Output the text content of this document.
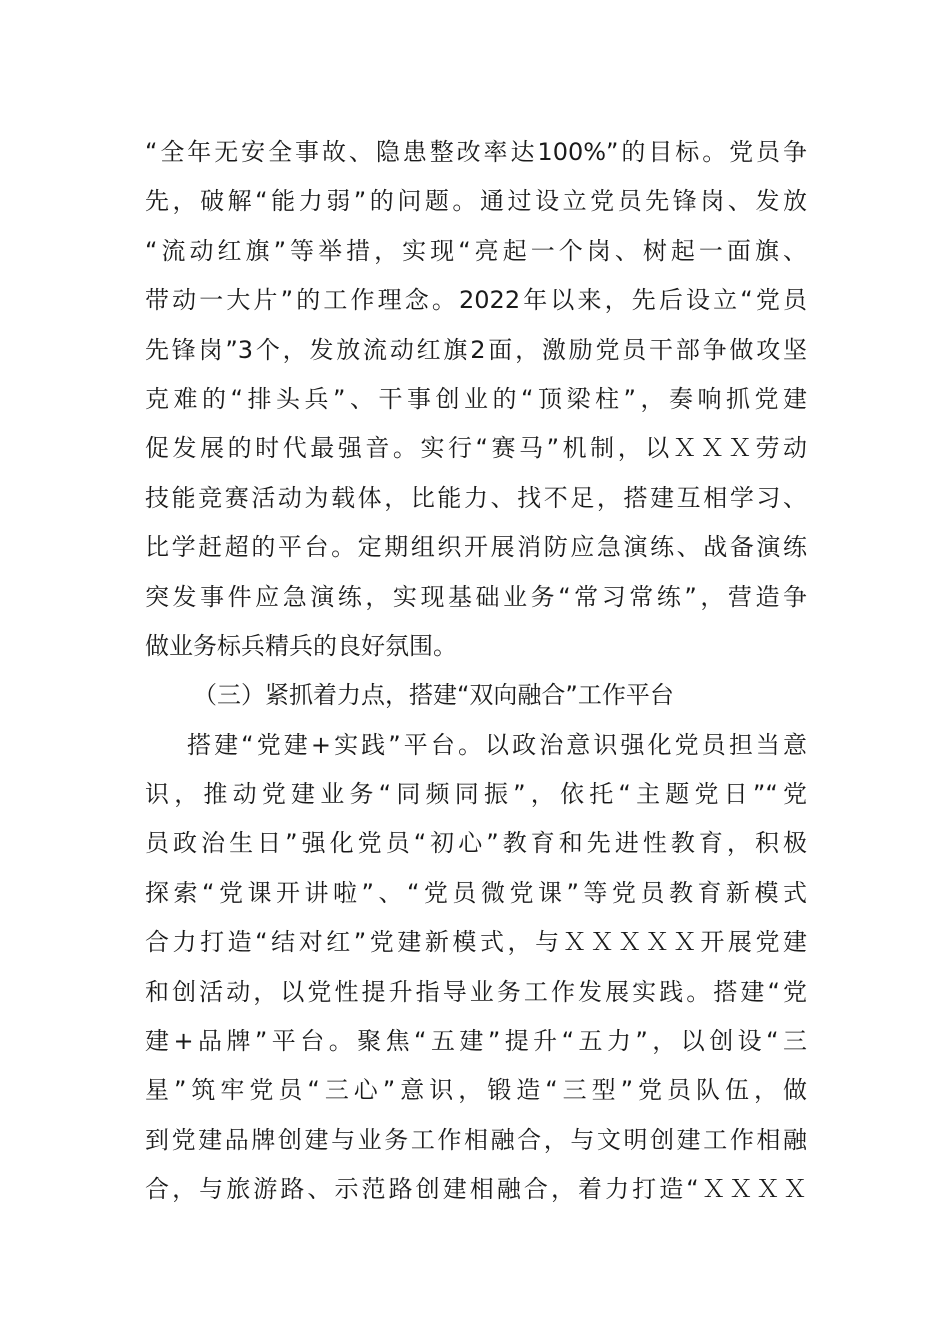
“全年无安全事故、隐患整改率达100%”的目标。党员争
先，破解“能力弱”的问题。通过设立党员先锋岗、发放
“流动红旗”等举措，实现“亮起一个岗、树起一面旗、
带动一大片”的工作理念。2022年以来，先后设立“党员
先锋岗”3个，发放流动红旗2面，激励党员干部争做攻坚
克难的“排头兵”、干事创业的“顶梁柱”，奏响抓党建
促发展的时代最强音。实行“赛马”机制，以ＸＸＸ劳动
技能竞赛活动为载体，比能力、找不足，搭建互相学习、
比学赶超的平台。定期组织开展消防应急演练、战备演练
突发事件应急演练，实现基础业务“常习常练”，营造争
做业务标兵精兵的良好氛围。
（三）紧抓着力点，搭建“双向融合”工作平台
搭建“党建+实践”平台。以政治意识强化党员担当意
识，推动党建业务“同频同振”，依托“主题党日”“党
员政治生日”强化党员“初心”教育和先进性教育，积极
探索“党课开讲啦”、“党员微党课”等党员教育新模式
合力打造“结对红”党建新模式，与ＸＸＸＸＸ开展党建
和创活动，以党性提升指导业务工作发展实践。搭建“党
建+品牌”平台。聚焦“五建”提升“五力”，以创设“三
星”筑牢党员“三心”意识，锻造“三型”党员队伍，做
到党建品牌创建与业务工作相融合，与文明创建工作相融
合，与旅游路、示范路创建相融合，着力打造“ＸＸＸＸ
